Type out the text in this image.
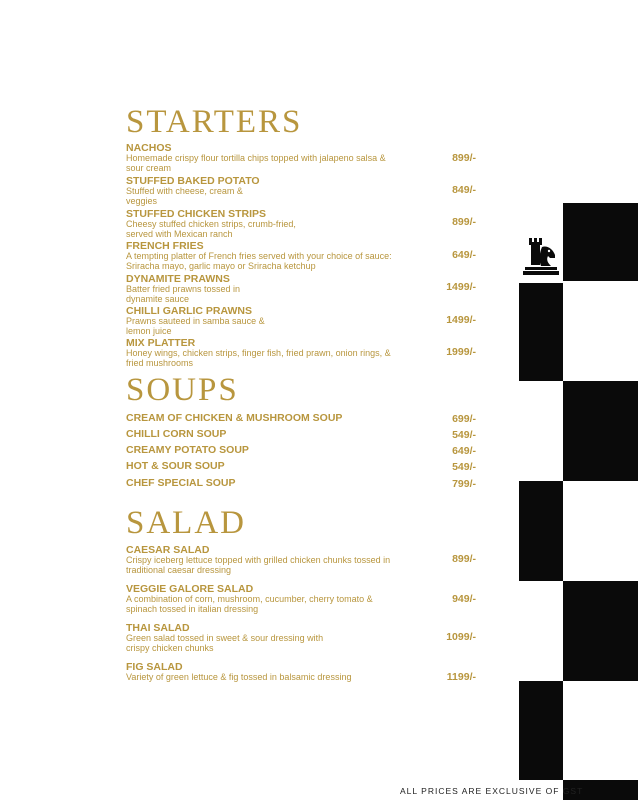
STARTERS
NACHOS
Homemade crispy flour tortilla chips topped with jalapeno salsa & sour cream
899/-
STUFFED BAKED POTATO
Stuffed with cheese, cream & veggies
849/-
STUFFED CHICKEN STRIPS
Cheesy stuffed chicken strips, crumb-fried, served with Mexican ranch
899/-
FRENCH FRIES
A tempting platter of French fries served with your choice of sauce: Sriracha mayo, garlic mayo or Sriracha ketchup
649/-
DYNAMITE PRAWNS
Batter fried prawns tossed in dynamite sauce
1499/-
CHILLI GARLIC PRAWNS
Prawns sauteed in samba sauce & lemon juice
1499/-
MIX PLATTER
Honey wings, chicken strips, finger fish, fried prawn, onion rings, & fried mushrooms
1999/-
SOUPS
CREAM OF CHICKEN & MUSHROOM SOUP	699/-
CHILLI CORN SOUP	549/-
CREAMY POTATO SOUP	649/-
HOT & SOUR SOUP	549/-
CHEF SPECIAL SOUP	799/-
SALAD
CAESAR SALAD
Crispy iceberg lettuce topped with grilled chicken chunks tossed in traditional caesar dressing
899/-
VEGGIE GALORE SALAD
A combination of corn, mushroom, cucumber, cherry tomato & spinach tossed in italian dressing
949/-
THAI SALAD
Green salad tossed in sweet & sour dressing with crispy chicken chunks
1099/-
FIG SALAD
Variety of green lettuce & fig tossed in balsamic dressing	1199/-
ALL PRICES ARE EXCLUSIVE OF GST
